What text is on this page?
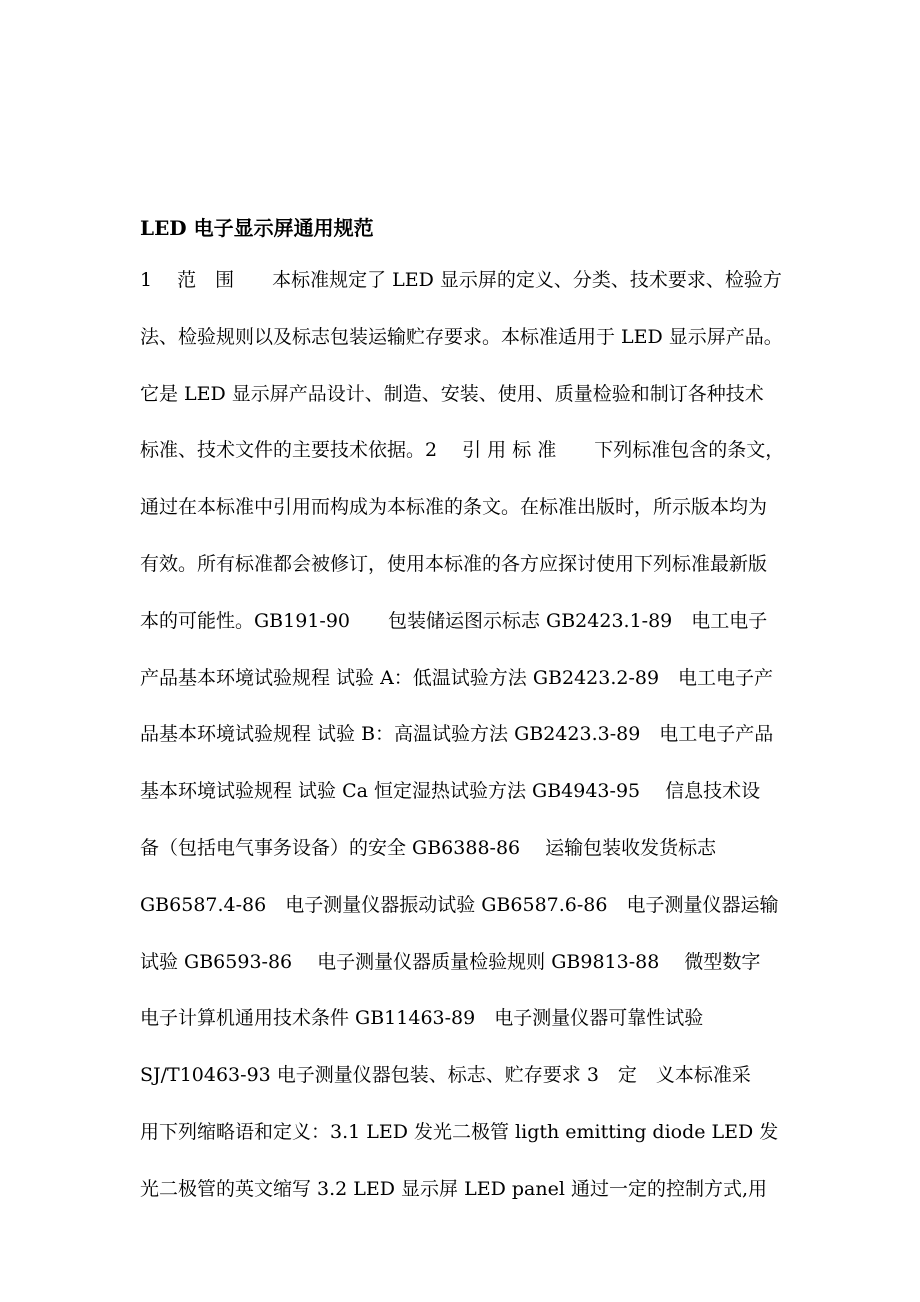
LED 电子显示屏通用规范
1　 范　围　　本标准规定了 LED 显示屏的定义、分类、技术要求、检验方
法、检验规则以及标志包装运输贮存要求。本标准适用于 LED 显示屏产品。
它是 LED 显示屏产品设计、制造、安装、使用、质量检验和制订各种技术
标准、技术文件的主要技术依据。2　 引 用 标 准　　下列标准包含的条文，
通过在本标准中引用而构成为本标准的条文。在标准出版时，所示版本均为
有效。所有标准都会被修订，使用本标准的各方应探讨使用下列标准最新版
本的可能性。GB191-90　　包装储运图示标志 GB2423.1-89　电工电子
产品基本环境试验规程 试验 A：低温试验方法 GB2423.2-89　电工电子产
品基本环境试验规程 试验 B：高温试验方法 GB2423.3-89　电工电子产品
基本环境试验规程 试验 Ca 恒定湿热试验方法 GB4943-95　 信息技术设
备（包括电气事务设备）的安全 GB6388-86　 运输包装收发货标志
GB6587.4-86　电子测量仪器振动试验 GB6587.6-86　电子测量仪器运输
试验 GB6593-86　 电子测量仪器质量检验规则 GB9813-88　 微型数字
电子计算机通用技术条件 GB11463-89　电子测量仪器可靠性试验
SJ/T10463-93 电子测量仪器包装、标志、贮存要求 3　定　义本标准采
用下列缩略语和定义：3.1 LED 发光二极管 ligth emitting diode LED 发
光二极管的英文缩写 3.2 LED 显示屏 LED panel 通过一定的控制方式,用
